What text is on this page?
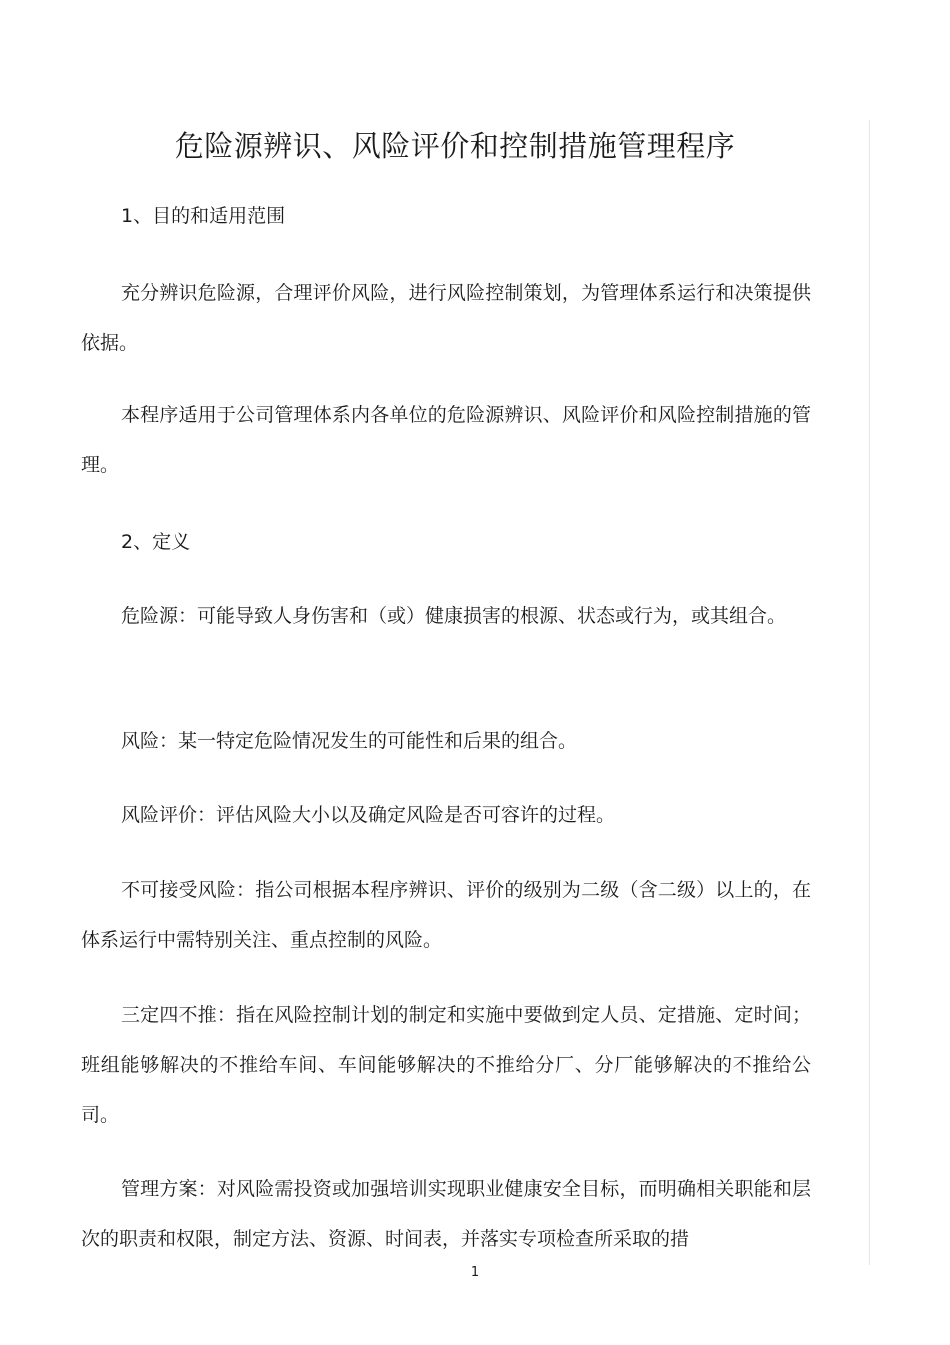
危险源辨识、风险评价和控制措施管理程序

1、目的和适用范围

充分辨识危险源，合理评价风险，进行风险控制策划，为管理体系运行和决策提供依据。

本程序适用于公司管理体系内各单位的危险源辨识、风险评价和风险控制措施的管理。

2、定义

危险源：可能导致人身伤害和（或）健康损害的根源、状态或行为，或其组合。

风险：某一特定危险情况发生的可能性和后果的组合。

风险评价：评估风险大小以及确定风险是否可容许的过程。

不可接受风险：指公司根据本程序辨识、评价的级别为二级（含二级）以上的，在体系运行中需特别关注、重点控制的风险。

三定四不推：指在风险控制计划的制定和实施中要做到定人员、定措施、定时间；班组能够解决的不推给车间、车间能够解决的不推给分厂、分厂能够解决的不推给公司。

管理方案：对风险需投资或加强培训实现职业健康安全目标，而明确相关职能和层次的职责和权限，制定方法、资源、时间表，并落实专项检查所采取的措

1
